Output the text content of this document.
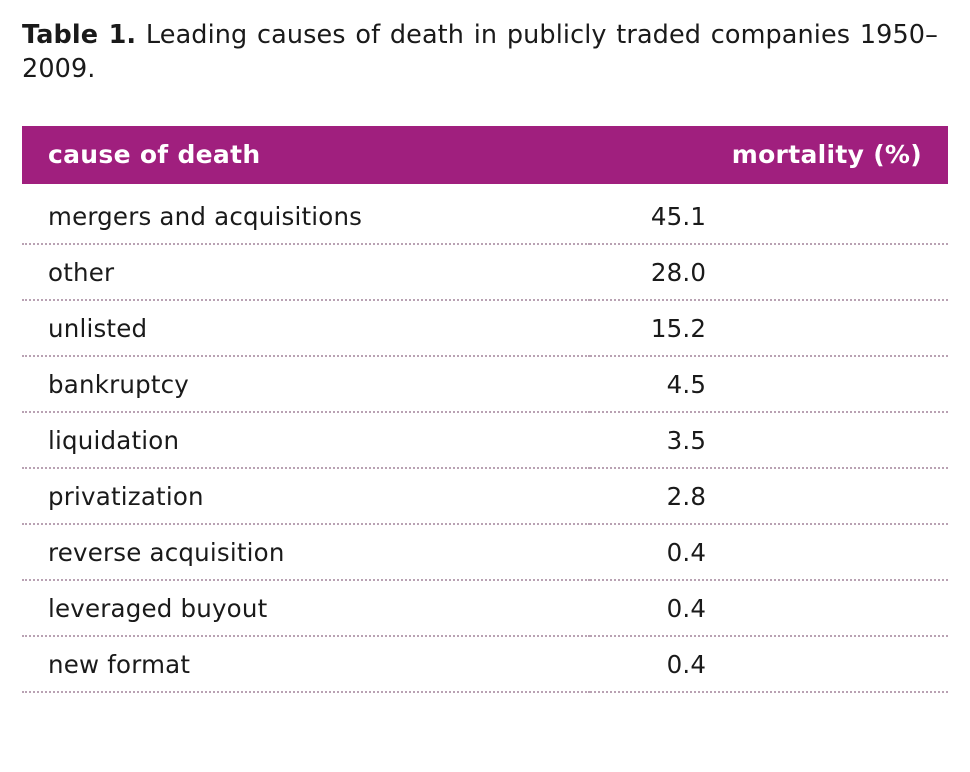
Table 1. Leading causes of death in publicly traded companies 1950– 2009.

cause of death	mortality (%)
mergers and acquisitions	45.1
other	28.0
unlisted	15.2
bankruptcy	4.5
liquidation	3.5
privatization	2.8
reverse acquisition	0.4
leveraged buyout	0.4
new format	0.4
